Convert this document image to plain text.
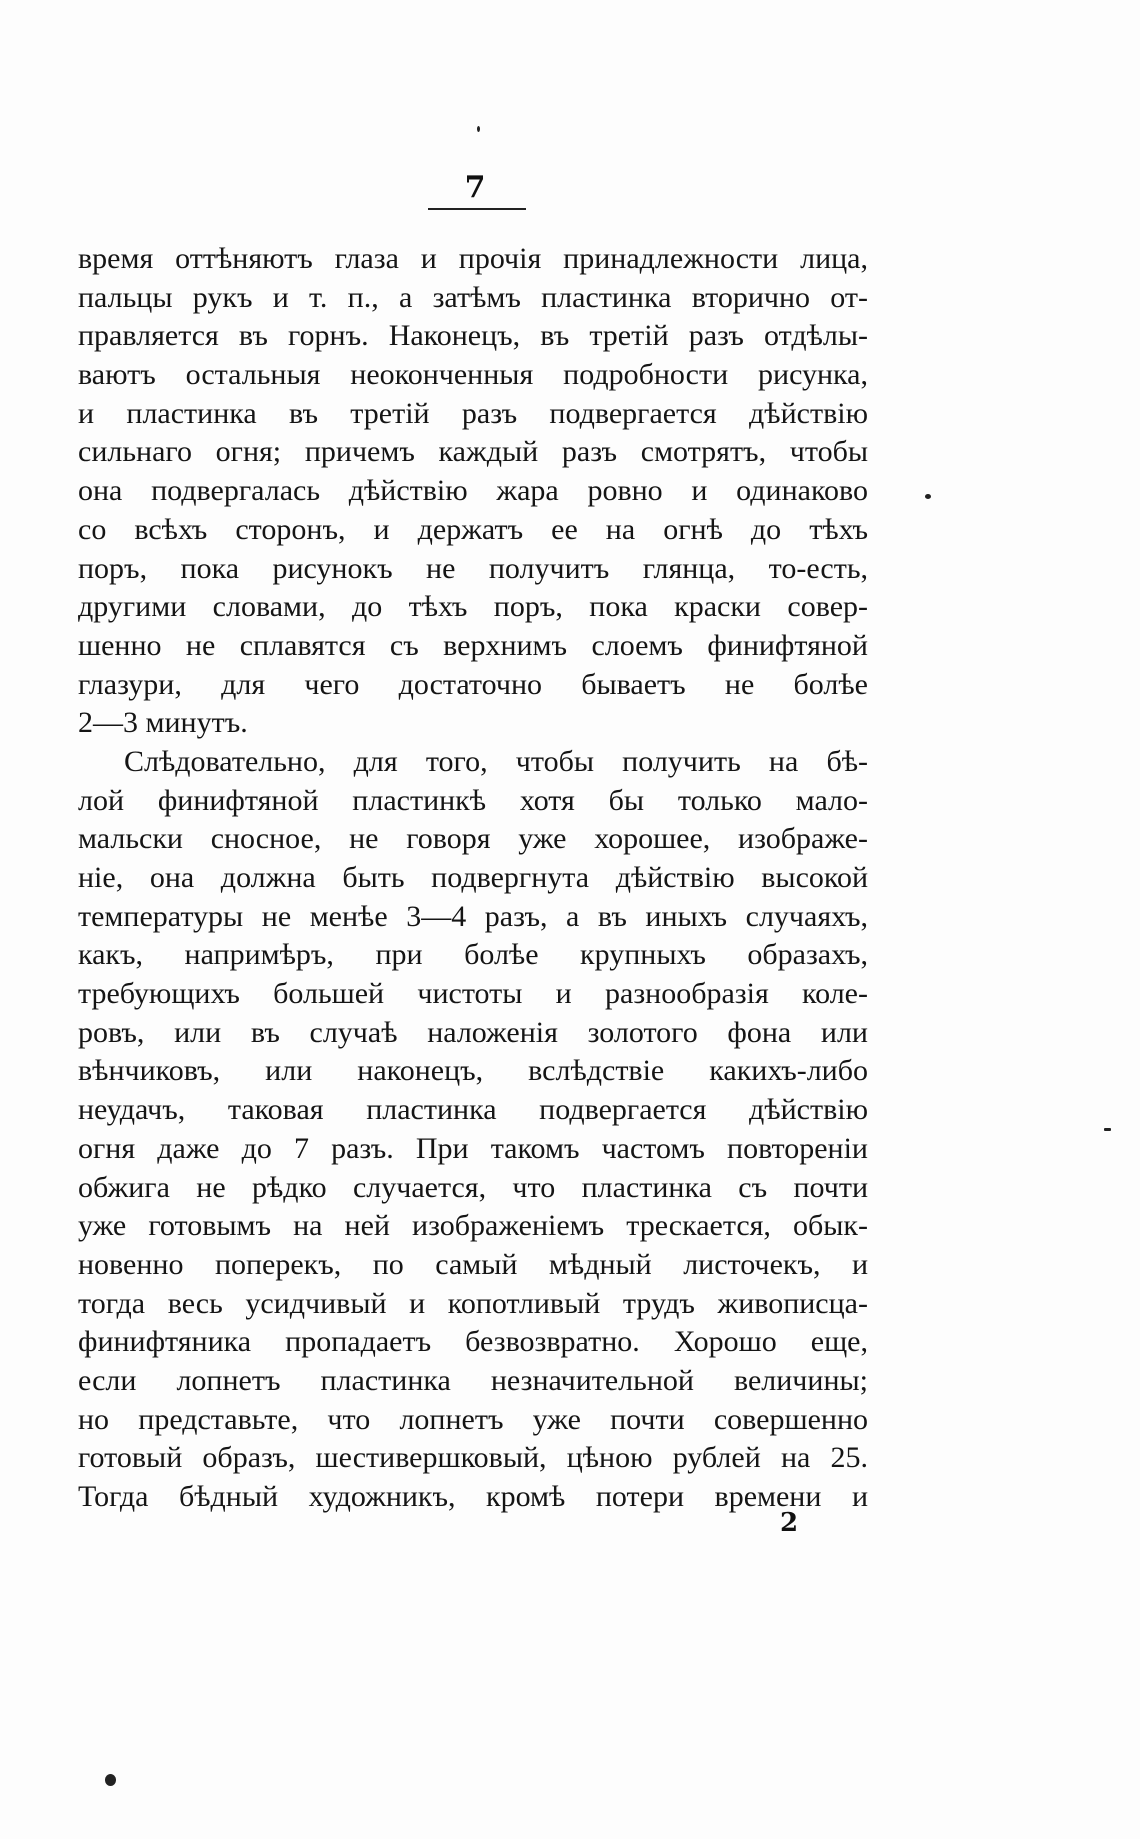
7
время оттѣняютъ глаза и прочія принадлежности лица,
пальцы рукъ и т. п., а затѣмъ пластинка вторично от-
правляется въ горнъ. Наконецъ, въ третій разъ отдѣлы-
ваютъ остальныя неоконченныя подробности рисунка,
и пластинка въ третій разъ подвергается дѣйствію
сильнаго огня; причемъ каждый разъ смотрятъ, чтобы
она подвергалась дѣйствію жара ровно и одинаково
со всѣхъ сторонъ, и держатъ ее на огнѣ до тѣхъ
поръ, пока рисунокъ не получитъ глянца, то-есть,
другими словами, до тѣхъ поръ, пока краски совер-
шенно не сплавятся съ верхнимъ слоемъ финифтяной
глазури, для чего достаточно бываетъ не болѣе
2—3 минутъ.
Слѣдовательно, для того, чтобы получить на бѣ-
лой финифтяной пластинкѣ хотя бы только мало-
мальски сносное, не говоря уже хорошее, изображе-
ніе, она должна быть подвергнута дѣйствію высокой
температуры не менѣе 3—4 разъ, а въ иныхъ случаяхъ,
какъ, напримѣръ, при болѣе крупныхъ образахъ,
требующихъ большей чистоты и разнообразія коле-
ровъ, или въ случаѣ наложенія золотого фона или
вѣнчиковъ, или наконецъ, вслѣдствіе какихъ-либо
неудачъ, таковая пластинка подвергается дѣйствію
огня даже до 7 разъ. При такомъ частомъ повтореніи
обжига не рѣдко случается, что пластинка съ почти
уже готовымъ на ней изображеніемъ трескается, обык-
новенно поперекъ, по самый мѣдный листочекъ, и
тогда весь усидчивый и копотливый трудъ живописца-
финифтяника пропадаетъ безвозвратно. Хорошо еще,
если лопнетъ пластинка незначительной величины;
но представьте, что лопнетъ уже почти совершенно
готовый образъ, шестивершковый, цѣною рублей на 25.
Тогда бѣдный художникъ, кромѣ потери времени и
2
